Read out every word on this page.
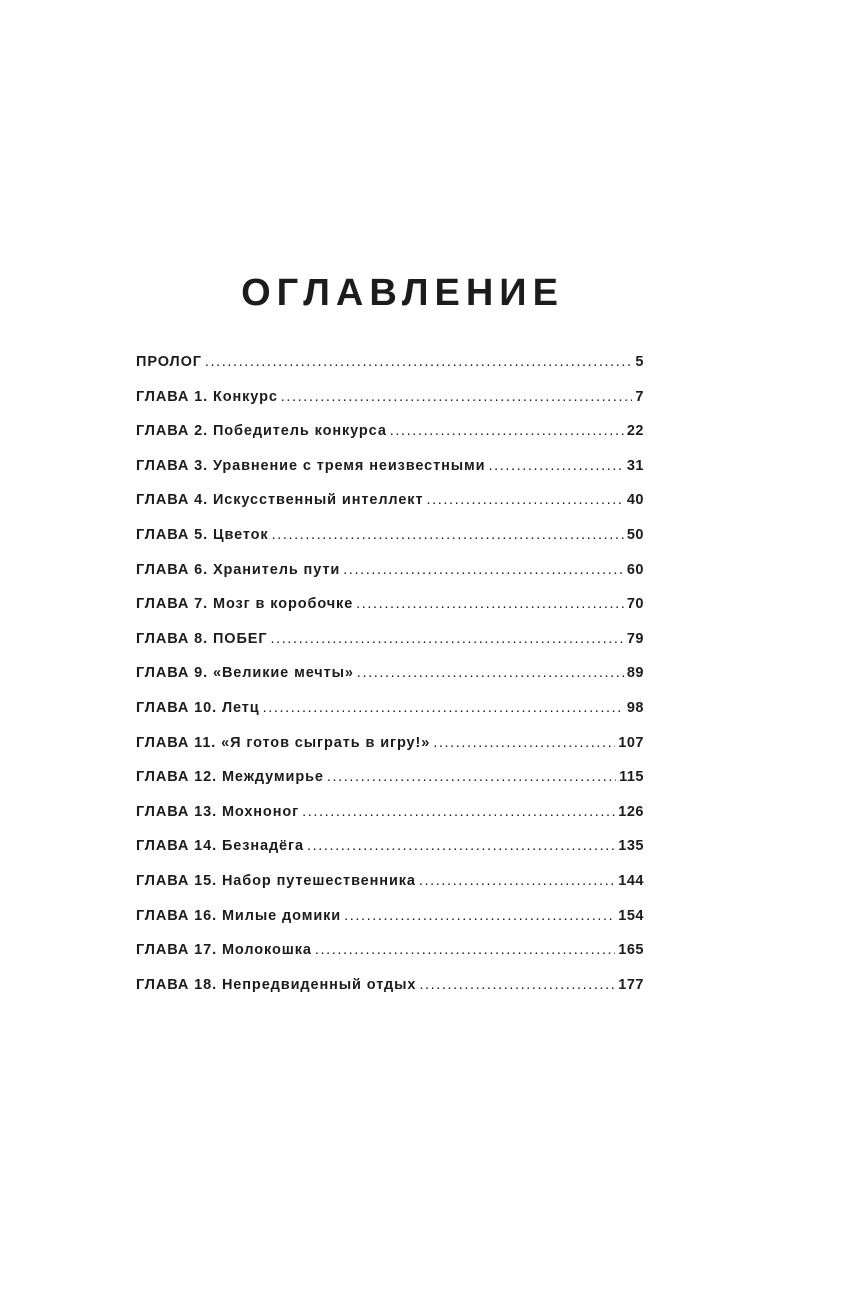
ОГЛАВЛЕНИЕ
ПРОЛОГ .....	5
ГЛАВА 1. Конкурс .....	7
ГЛАВА 2. Победитель конкурса .....	22
ГЛАВА 3. Уравнение с тремя неизвестными .....	31
ГЛАВА 4. Искусственный интеллект .....	40
ГЛАВА 5. Цветок .....	50
ГЛАВА 6. Хранитель пути .....	60
ГЛАВА 7. Мозг в коробочке .....	70
ГЛАВА 8. ПОБЕГ .....	79
ГЛАВА 9. «Великие мечты» .....	89
ГЛАВА 10. Летц .....	98
ГЛАВА 11. «Я готов сыграть в игру!» .....	107
ГЛАВА 12. Междумирье .....	115
ГЛАВА 13. Мохноног .....	126
ГЛАВА 14. Безнадёга .....	135
ГЛАВА 15. Набор путешественника .....	144
ГЛАВА 16. Милые домики .....	154
ГЛАВА 17. Молокошка .....	165
ГЛАВА 18. Непредвиденный отдых .....	177
